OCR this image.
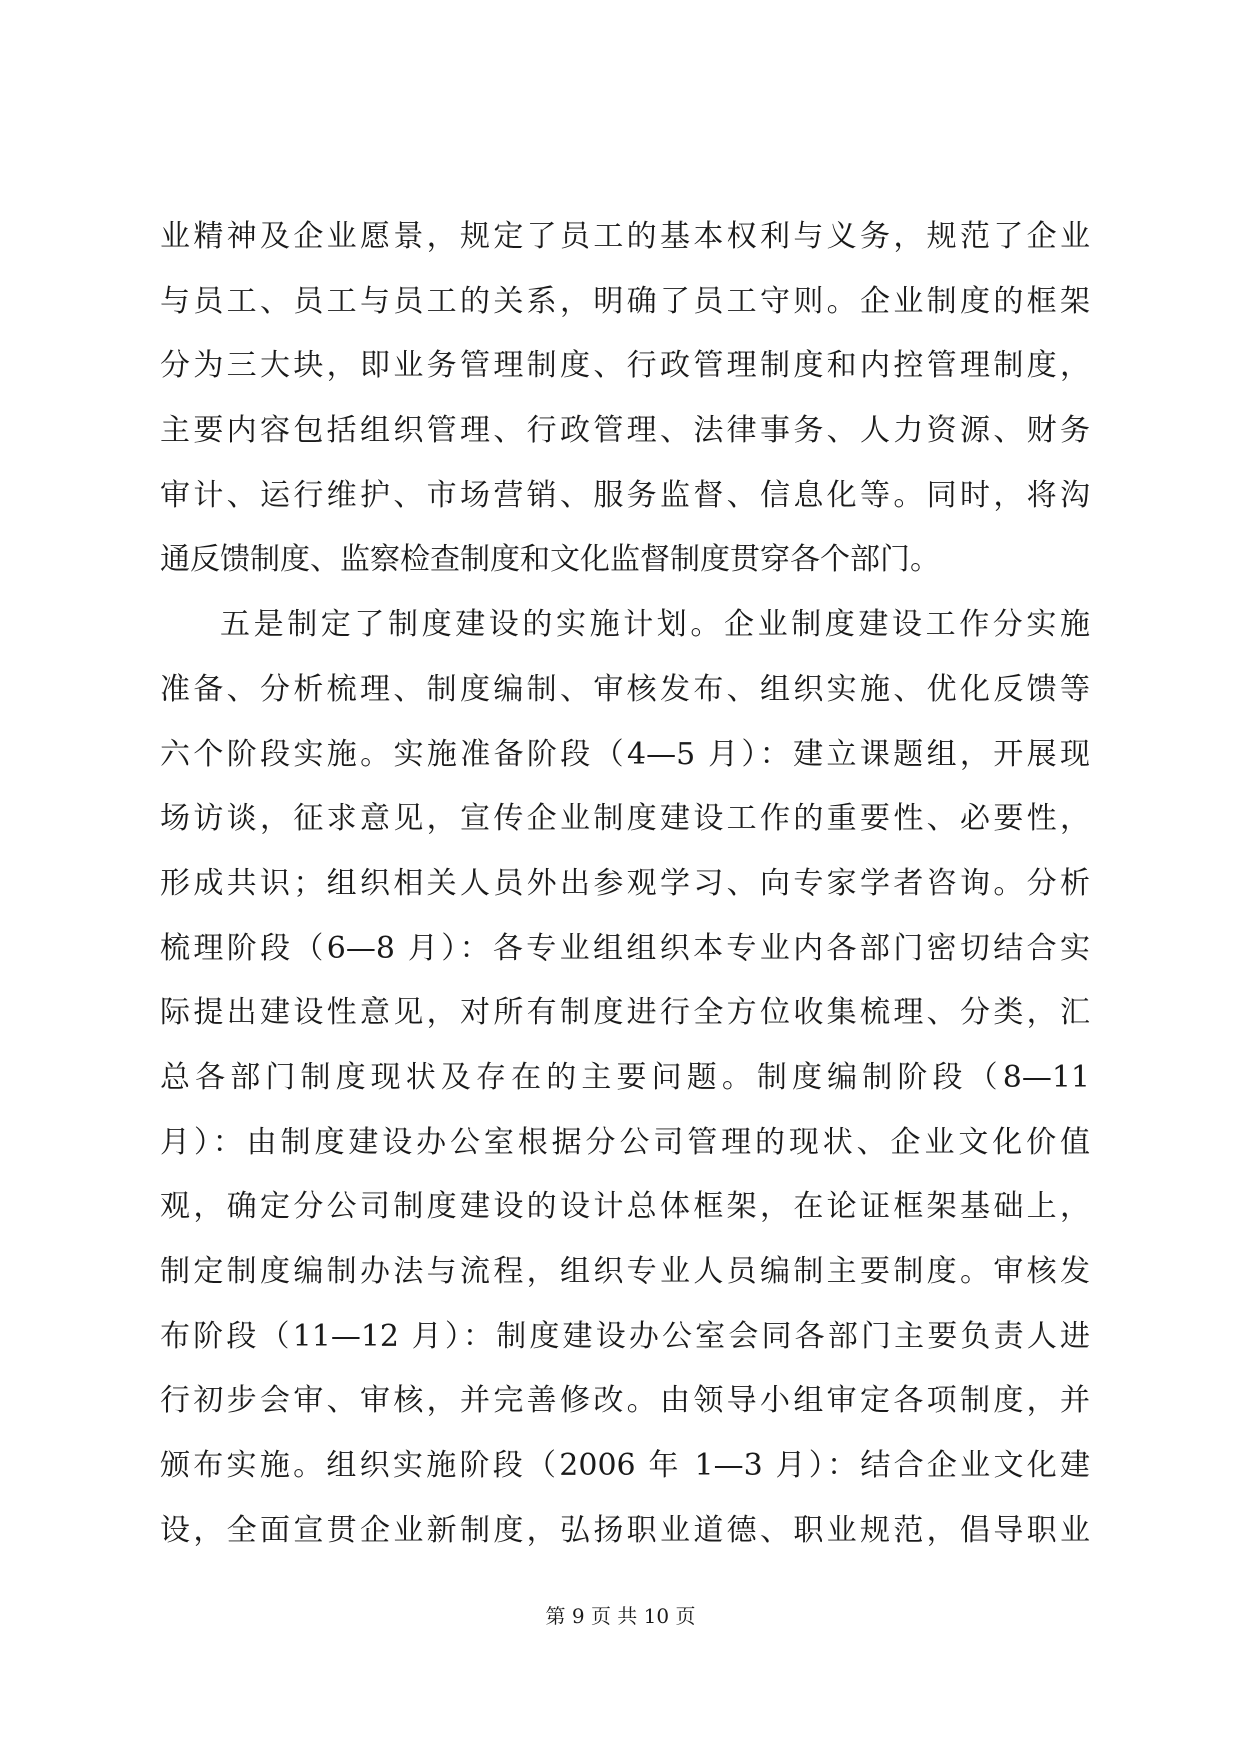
业精神及企业愿景，规定了员工的基本权利与义务，规范了企业
与员工、员工与员工的关系，明确了员工守则。企业制度的框架
分为三大块，即业务管理制度、行政管理制度和内控管理制度，
主要内容包括组织管理、行政管理、法律事务、人力资源、财务
审计、运行维护、市场营销、服务监督、信息化等。同时，将沟
通反馈制度、监察检查制度和文化监督制度贯穿各个部门。
五是制定了制度建设的实施计划。企业制度建设工作分实施
准备、分析梳理、制度编制、审核发布、组织实施、优化反馈等
六个阶段实施。实施准备阶段（4—5 月）：建立课题组，开展现
场访谈，征求意见，宣传企业制度建设工作的重要性、必要性，
形成共识；组织相关人员外出参观学习、向专家学者咨询。分析
梳理阶段（6—8 月）：各专业组组织本专业内各部门密切结合实
际提出建设性意见，对所有制度进行全方位收集梳理、分类，汇
总各部门制度现状及存在的主要问题。制度编制阶段（8—11
月）：由制度建设办公室根据分公司管理的现状、企业文化价值
观，确定分公司制度建设的设计总体框架，在论证框架基础上，
制定制度编制办法与流程，组织专业人员编制主要制度。审核发
布阶段（11—12 月）：制度建设办公室会同各部门主要负责人进
行初步会审、审核，并完善修改。由领导小组审定各项制度，并
颁布实施。组织实施阶段（2006 年 1—3 月）：结合企业文化建
设，全面宣贯企业新制度，弘扬职业道德、职业规范，倡导职业
第 9 页 共 10 页
